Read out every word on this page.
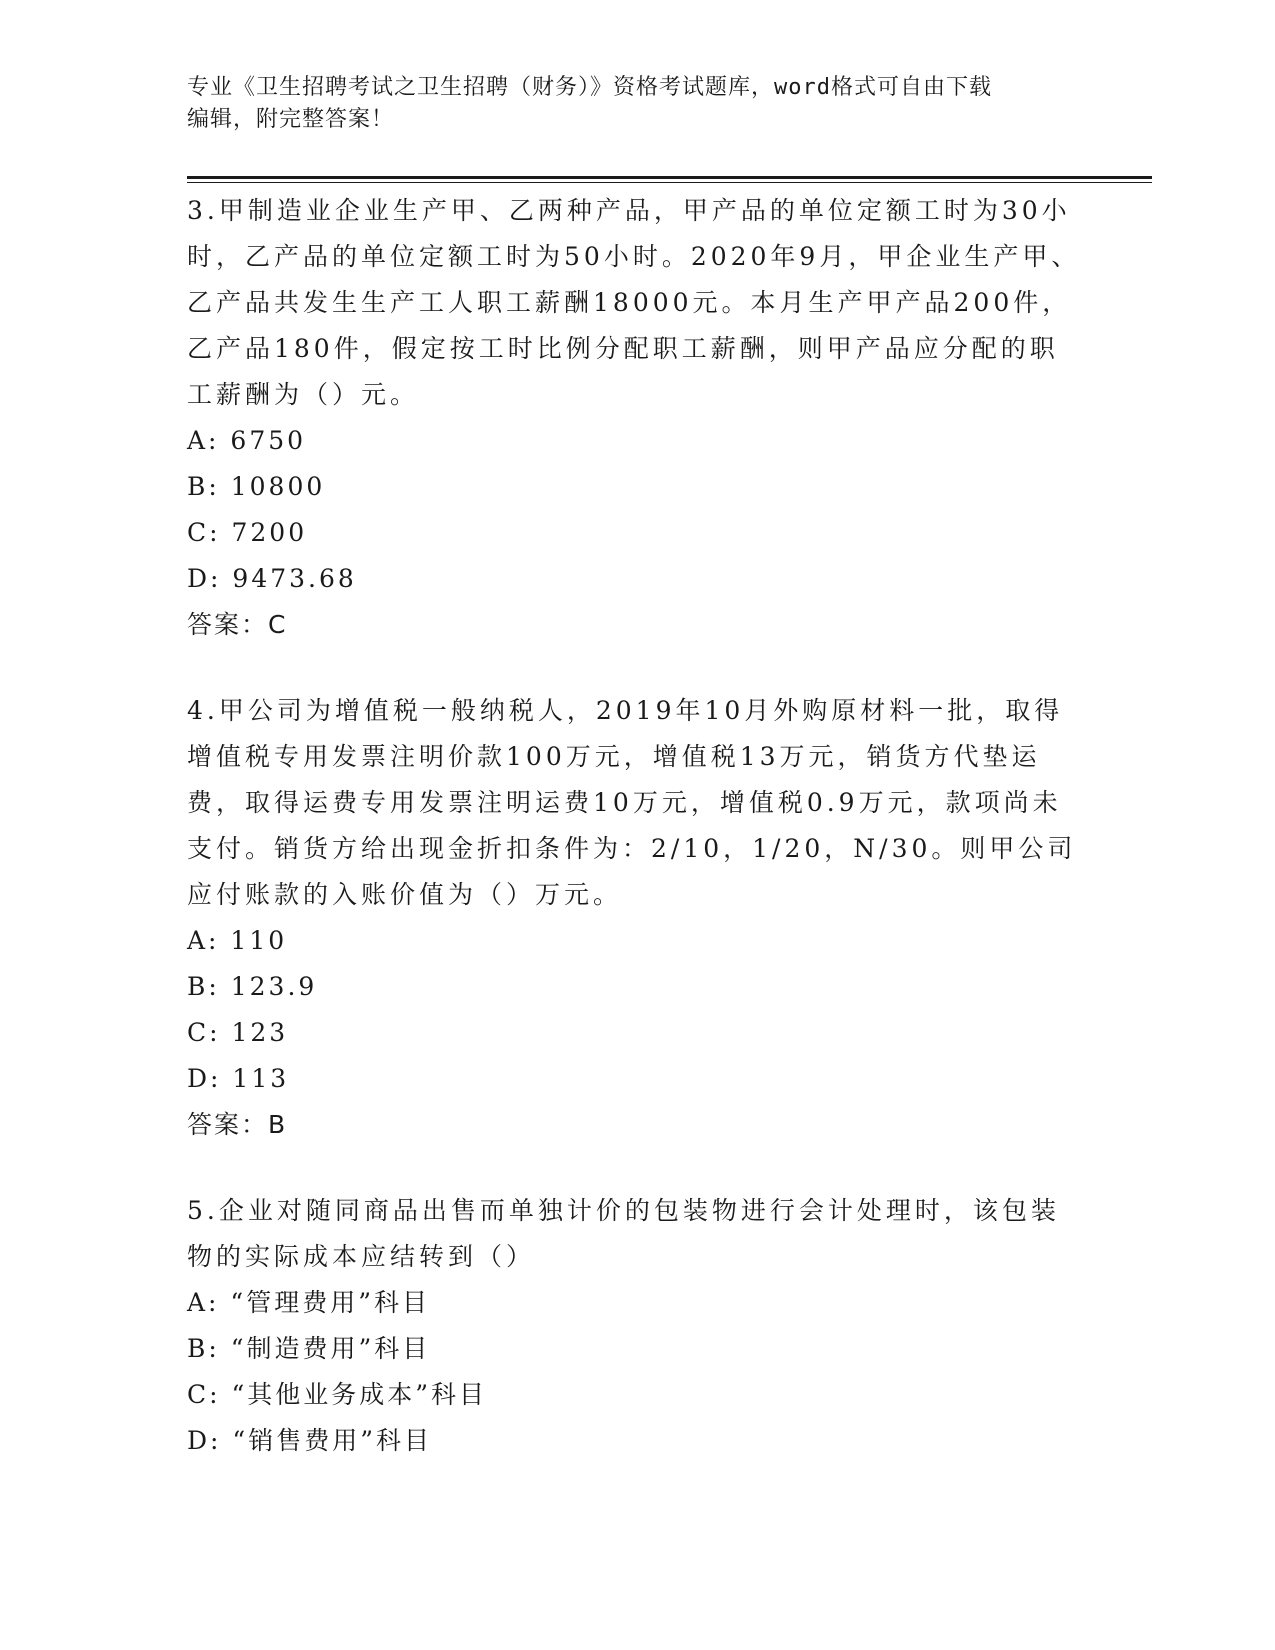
专业《卫生招聘考试之卫生招聘（财务）》资格考试题库，word格式可自由下载
编辑，附完整答案！

3.甲制造业企业生产甲、乙两种产品，甲产品的单位定额工时为30小时，乙产品的单位定额工时为50小时。2020年9月，甲企业生产甲、乙产品共发生生产工人职工薪酬18000元。本月生产甲产品200件，乙产品180件，假定按工时比例分配职工薪酬，则甲产品应分配的职工薪酬为（）元。

A: 6750

B: 10800

C: 7200

D: 9473.68

答案：C

4.甲公司为增值税一般纳税人，2019年10月外购原材料一批，取得增值税专用发票注明价款100万元，增值税13万元，销货方代垫运费，取得运费专用发票注明运费10万元，增值税0.9万元，款项尚未支付。销货方给出现金折扣条件为：2/10，1/20，N/30。则甲公司应付账款的入账价值为（）万元。

A: 110

B: 123.9

C: 123

D: 113

答案：B

5.企业对随同商品出售而单独计价的包装物进行会计处理时，该包装物的实际成本应结转到（）

A: “管理费用”科目

B: “制造费用”科目

C: “其他业务成本”科目

D: “销售费用”科目
